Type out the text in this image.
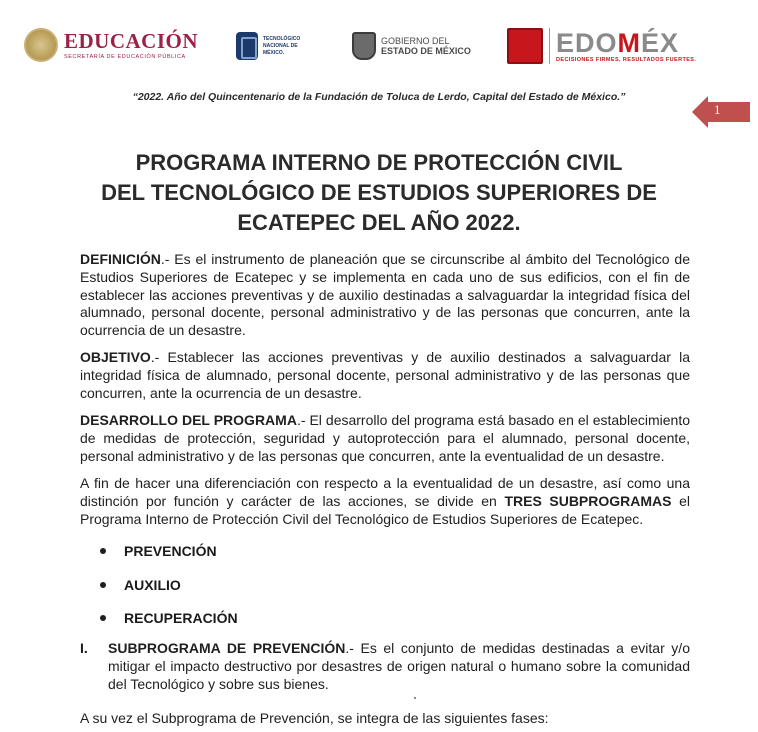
EDUCACIÓN
SECRETARÍA DE EDUCACIÓN PÚBLICA
TECNOLÓGICO
NACIONAL DE MÉXICO.
GOBIERNO DEL
ESTADO DE MÉXICO	EDOMÉX
DECISIONES FIRMES, RESULTADOS FUERTES.
“2022. Año del Quincentenario de la Fundación de Toluca de Lerdo, Capital del Estado de México.”
1
PROGRAMA INTERNO DE PROTECCIÓN CIVIL
DEL TECNOLÓGICO DE ESTUDIOS SUPERIORES DE
ECATEPEC DEL AÑO 2022.
DEFINICIÓN.- Es el instrumento de planeación que se circunscribe al ámbito del Tecnológico de Estudios Superiores de Ecatepec y se implementa en cada uno de sus edificios, con el fin de establecer las acciones preventivas y de auxilio destinadas a salvaguardar la integridad física del alumnado, personal docente, personal administrativo y de las personas que concurren, ante la ocurrencia de un desastre.
OBJETIVO.- Establecer las acciones preventivas y de auxilio destinados a salvaguardar la integridad física de alumnado, personal docente, personal administrativo y de las personas que concurren, ante la ocurrencia de un desastre.
DESARROLLO DEL PROGRAMA.- El desarrollo del programa está basado en el establecimiento de medidas de protección, seguridad y autoprotección para el alumnado, personal docente, personal administrativo y de las personas que concurren, ante la eventualidad de un desastre.
A fin de hacer una diferenciación con respecto a la eventualidad de un desastre, así como una distinción por función y carácter de las acciones, se divide en TRES SUBPROGRAMAS el Programa Interno de Protección Civil del Tecnológico de Estudios Superiores de Ecatepec.
PREVENCIÓN
AUXILIO
RECUPERACIÓN
I. SUBPROGRAMA DE PREVENCIÓN.- Es el conjunto de medidas destinadas a evitar y/o mitigar el impacto destructivo por desastres de origen natural o humano sobre la comunidad del Tecnológico y sobre sus bienes.
A su vez el Subprograma de Prevención, se integra de las siguientes fases:
